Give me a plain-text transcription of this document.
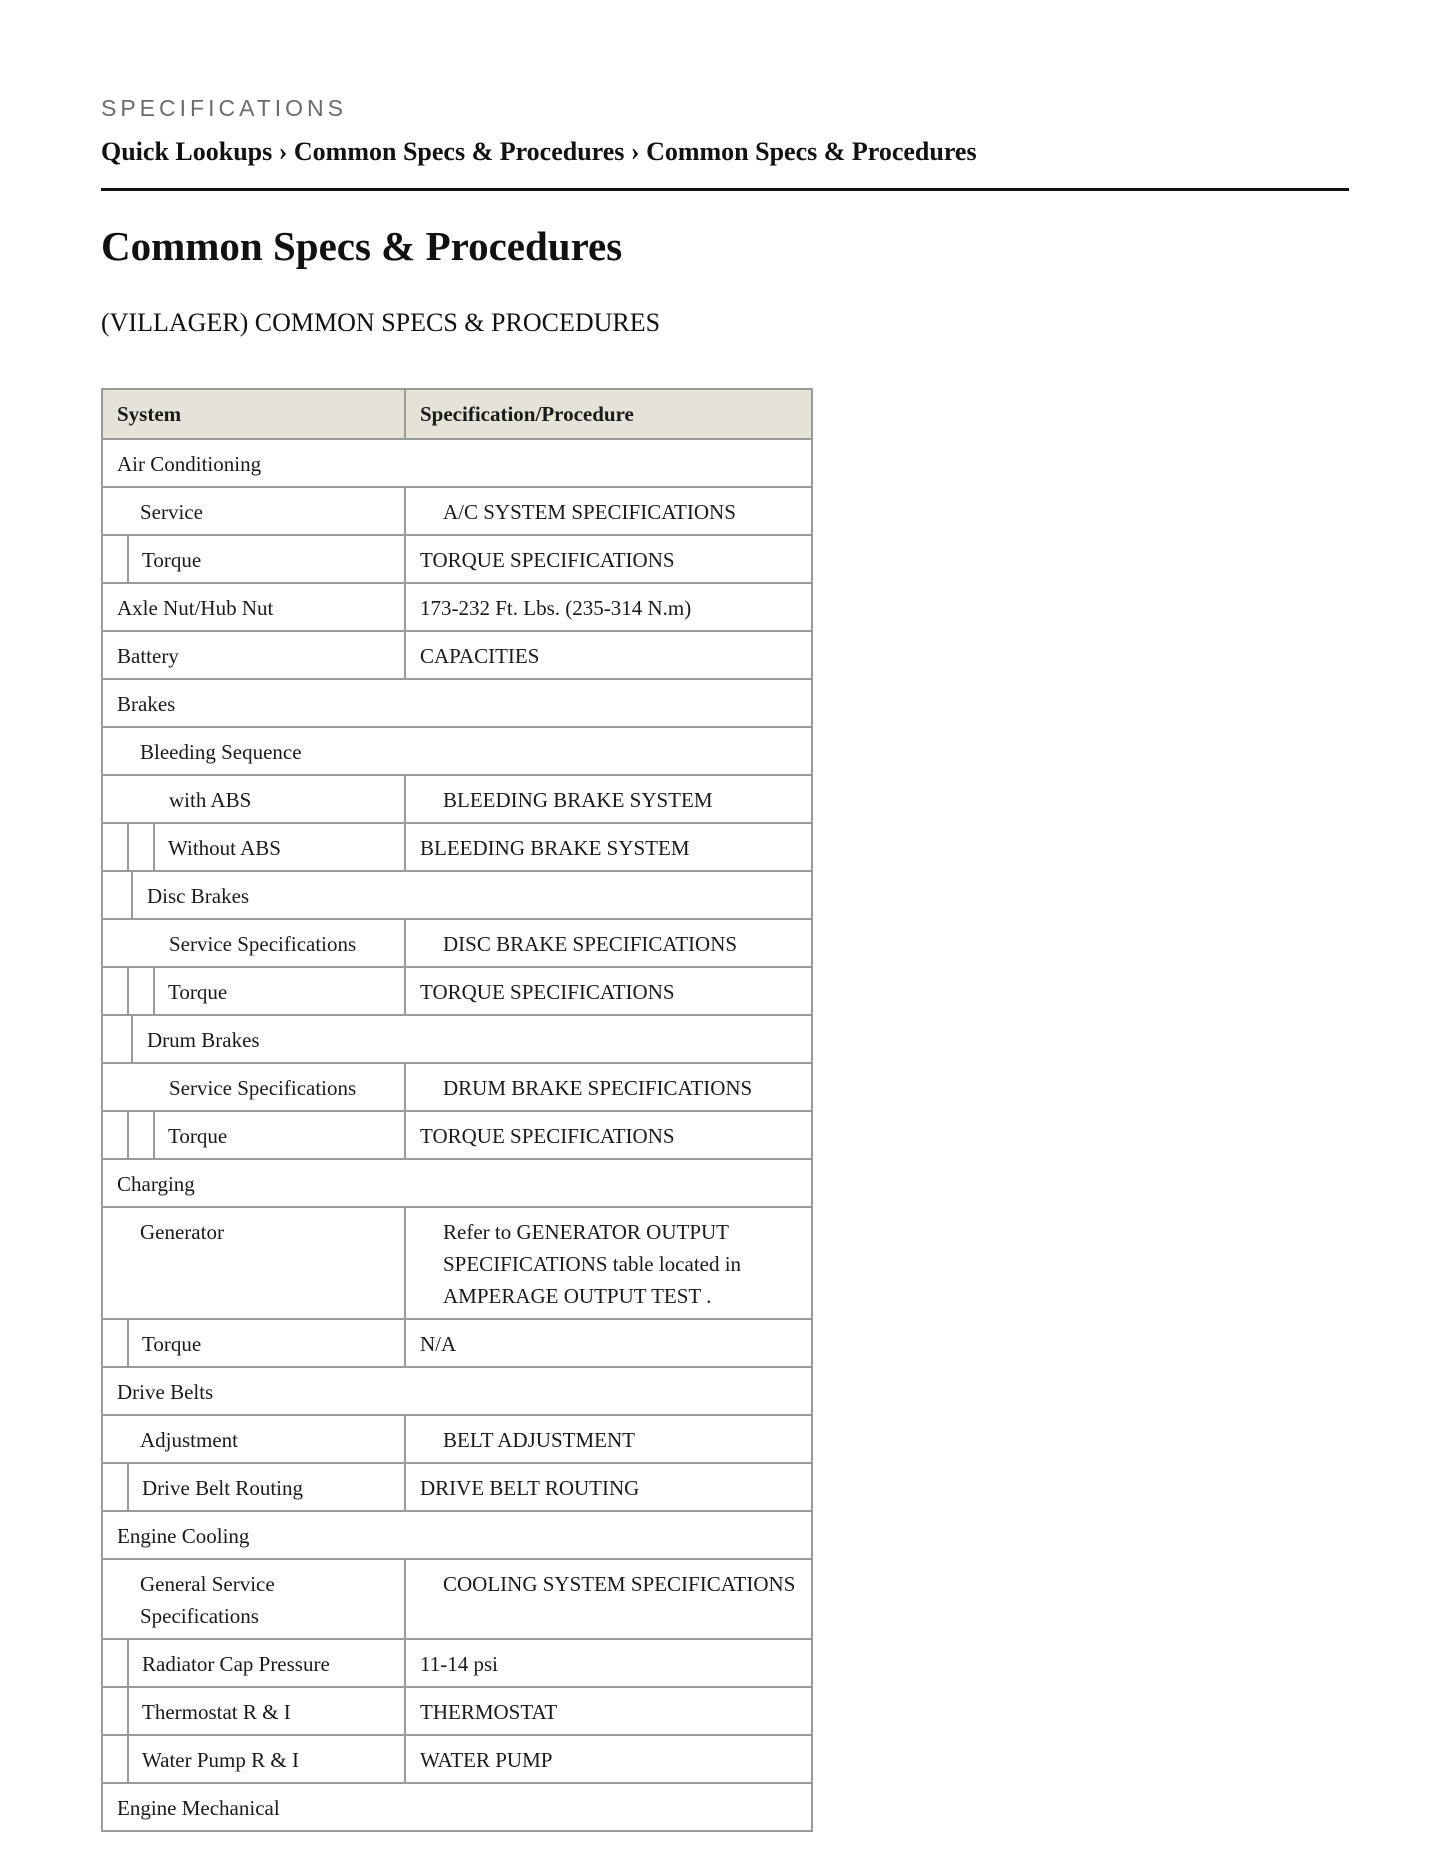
SPECIFICATIONS
Quick Lookups › Common Specs & Procedures › Common Specs & Procedures
Common Specs & Procedures
(VILLAGER) COMMON SPECS & PROCEDURES
System	Specification/Procedure
Air Conditioning	
Service	A/C SYSTEM SPECIFICATIONS

Torque	TORQUE SPECIFICATIONS
Axle Nut/Hub Nut	173-232 Ft. Lbs. (235-314 N.m)
Battery	CAPACITIES
Brakes	

Bleeding Sequence	

with ABS	BLEEDING BRAKE SYSTEM

Without ABS	BLEEDING BRAKE SYSTEM

Disc Brakes	

Service Specifications	DISC BRAKE SPECIFICATIONS

Torque	TORQUE SPECIFICATIONS

Drum Brakes	

Service Specifications	DRUM BRAKE SPECIFICATIONS

Torque	TORQUE SPECIFICATIONS
Charging	
Generator	Refer to GENERATOR OUTPUT SPECIFICATIONS table located in AMPERAGE OUTPUT TEST .

Torque	N/A
Drive Belts	
Adjustment	BELT ADJUSTMENT

Drive Belt Routing	DRIVE BELT ROUTING
Engine Cooling	
General Service Specifications	COOLING SYSTEM SPECIFICATIONS

Radiator Cap Pressure	11-14 psi

Thermostat R & I	THERMOSTAT

Water Pump R & I	WATER PUMP
Engine Mechanical	
